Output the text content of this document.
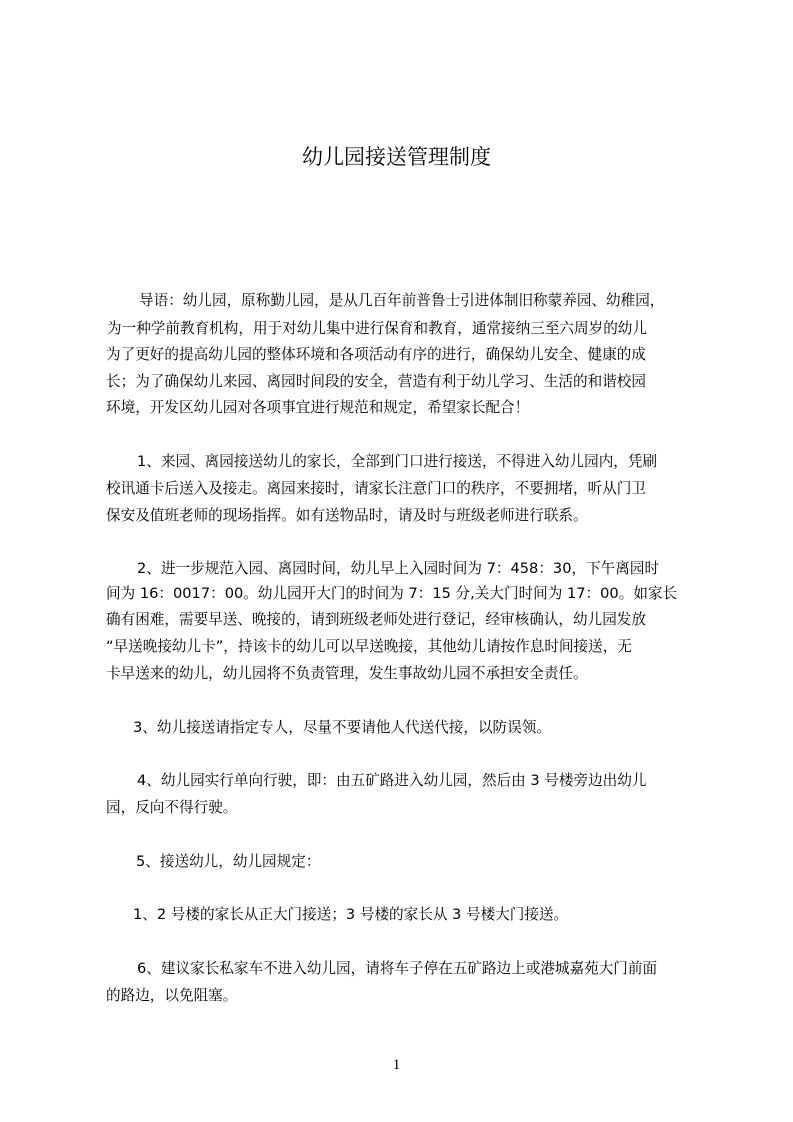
幼儿园接送管理制度
导语：幼儿园，原称勤儿园，是从几百年前普鲁士引进体制旧称蒙养园、幼稚园，
为一种学前教育机构，用于对幼儿集中进行保育和教育，通常接纳三至六周岁的幼儿
为了更好的提高幼儿园的整体环境和各项活动有序的进行，确保幼儿安全、健康的成
长；为了确保幼儿来园、离园时间段的安全，营造有利于幼儿学习、生活的和谐校园
环境，开发区幼儿园对各项事宜进行规范和规定，希望家长配合！
1、来园、离园接送幼儿的家长，全部到门口进行接送，不得进入幼儿园内，凭刷
校讯通卡后送入及接走。离园来接时，请家长注意门口的秩序，不要拥堵，听从门卫
保安及值班老师的现场指挥。如有送物品时，请及时与班级老师进行联系。
2、进一步规范入园、离园时间，幼儿早上入园时间为 7：458：30，下午离园时
间为 16：0017：00。幼儿园开大门的时间为 7：15 分,关大门时间为 17：00。如家长
确有困难，需要早送、晚接的，请到班级老师处进行登记，经审核确认，幼儿园发放
“早送晚接幼儿卡”，持该卡的幼儿可以早送晚接，其他幼儿请按作息时间接送，无
卡早送来的幼儿，幼儿园将不负责管理，发生事故幼儿园不承担安全责任。
3、幼儿接送请指定专人，尽量不要请他人代送代接，以防误领。
4、幼儿园实行单向行驶，即：由五矿路进入幼儿园，然后由 3 号楼旁边出幼儿
园，反向不得行驶。
5、接送幼儿，幼儿园规定：
1、2 号楼的家长从正大门接送；3 号楼的家长从 3 号楼大门接送。
6、建议家长私家车不进入幼儿园，请将车子停在五矿路边上或港城嘉苑大门前面
的路边，以免阻塞。
1
